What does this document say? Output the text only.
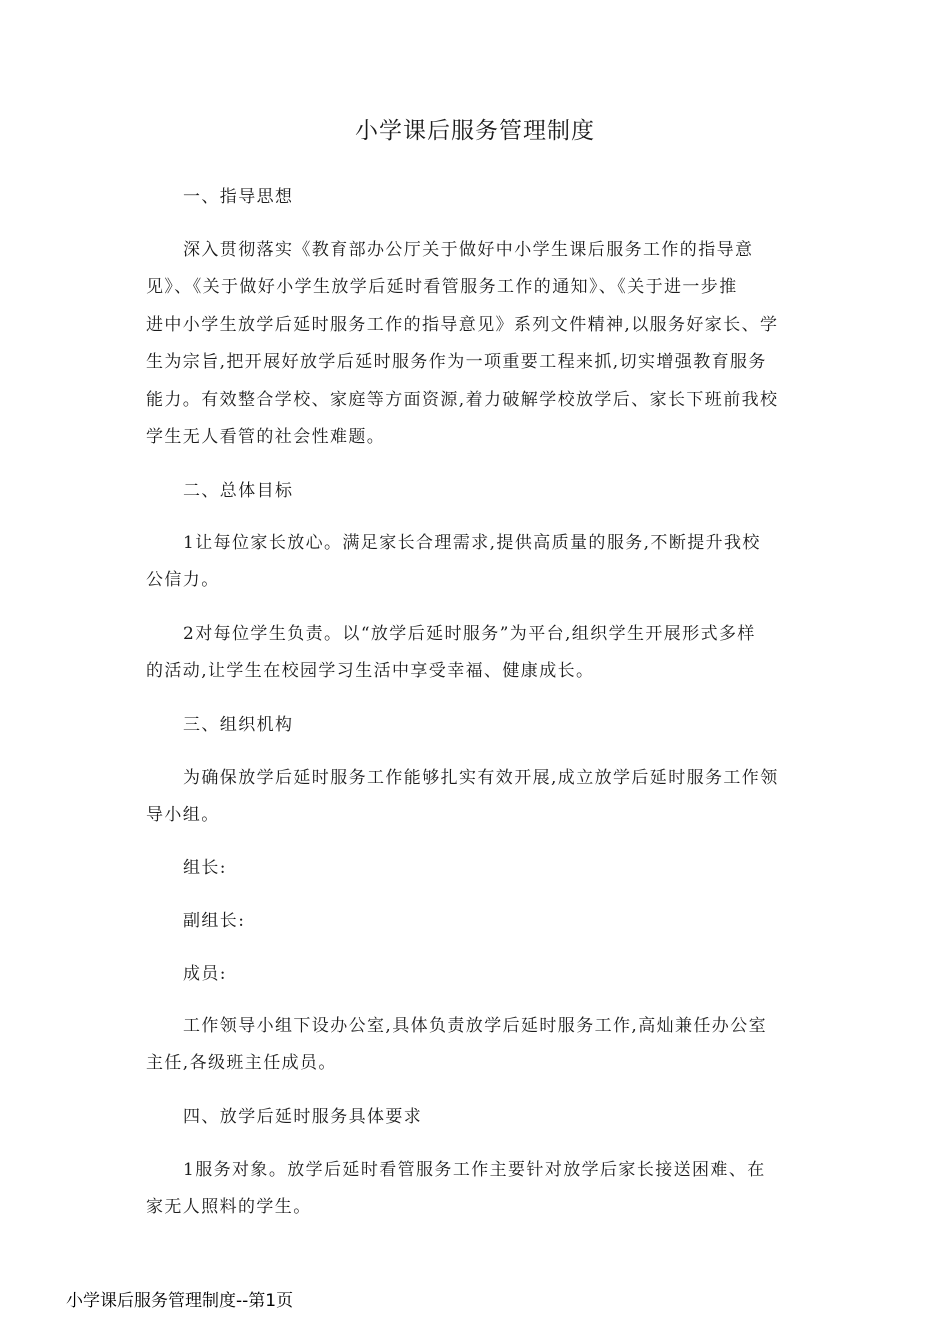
小学课后服务管理制度

一、指导思想

深入贯彻落实《教育部办公厅关于做好中小学生课后服务工作的指导意
见》、《关于做好小学生放学后延时看管服务工作的通知》、《关于进一步推
进中小学生放学后延时服务工作的指导意见》系列文件精神,以服务好家长、学
生为宗旨,把开展好放学后延时服务作为一项重要工程来抓,切实增强教育服务
能力。有效整合学校、家庭等方面资源,着力破解学校放学后、家长下班前我校
学生无人看管的社会性难题。

二、总体目标

1让每位家长放心。满足家长合理需求,提供高质量的服务,不断提升我校
公信力。

2对每位学生负责。以“放学后延时服务”为平台,组织学生开展形式多样
的活动,让学生在校园学习生活中享受幸福、健康成长。

三、组织机构

为确保放学后延时服务工作能够扎实有效开展,成立放学后延时服务工作领
导小组。

组长:

副组长:

成员:

工作领导小组下设办公室,具体负责放学后延时服务工作,高灿兼任办公室
主任,各级班主任成员。

四、放学后延时服务具体要求

1服务对象。放学后延时看管服务工作主要针对放学后家长接送困难、在
家无人照料的学生。

小学课后服务管理制度--第1页
